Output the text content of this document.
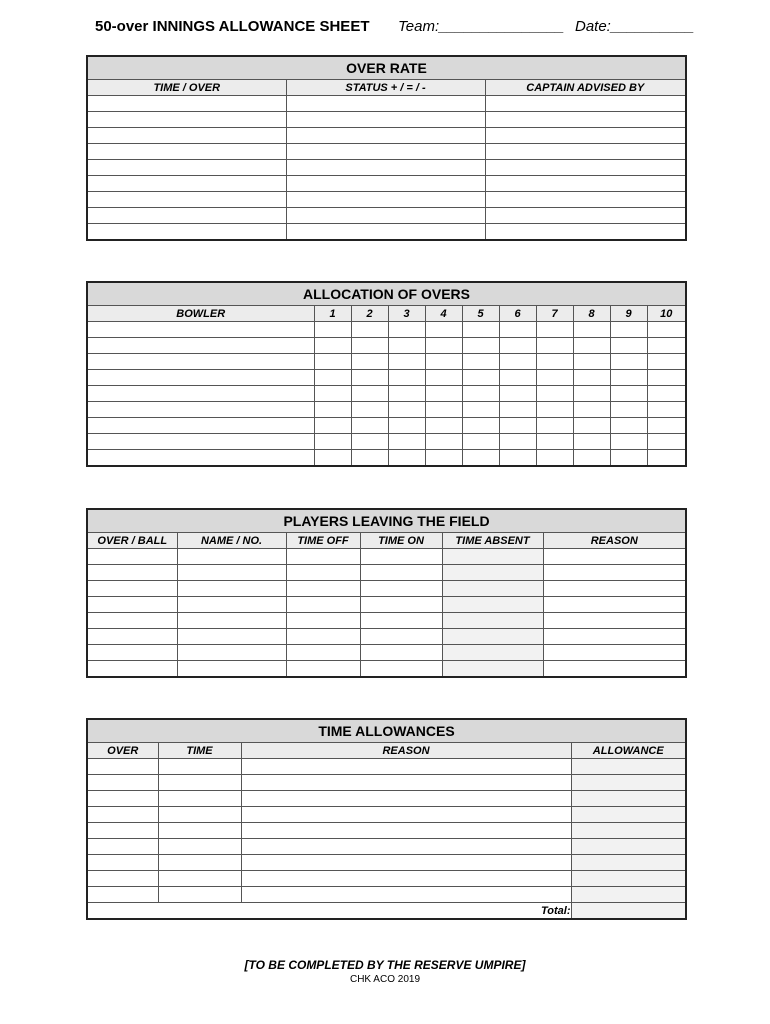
50-over INNINGS ALLOWANCE SHEET Team:_______________ Date:__________
OVER RATE		
TIME / OVER	STATUS + / = / -	CAPTAIN ADVISED BY

ALLOCATION OF OVERS										
BOWLER	1	2	3	4	5	6	7	8	9	10

PLAYERS LEAVING THE FIELD					
OVER / BALL	NAME / NO.	TIME OFF	TIME ON	TIME ABSENT	REASON

TIME ALLOWANCES			
OVER	TIME	REASON	ALLOWANCE

Total:			
[TO BE COMPLETED BY THE RESERVE UMPIRE]
CHK ACO 2019
